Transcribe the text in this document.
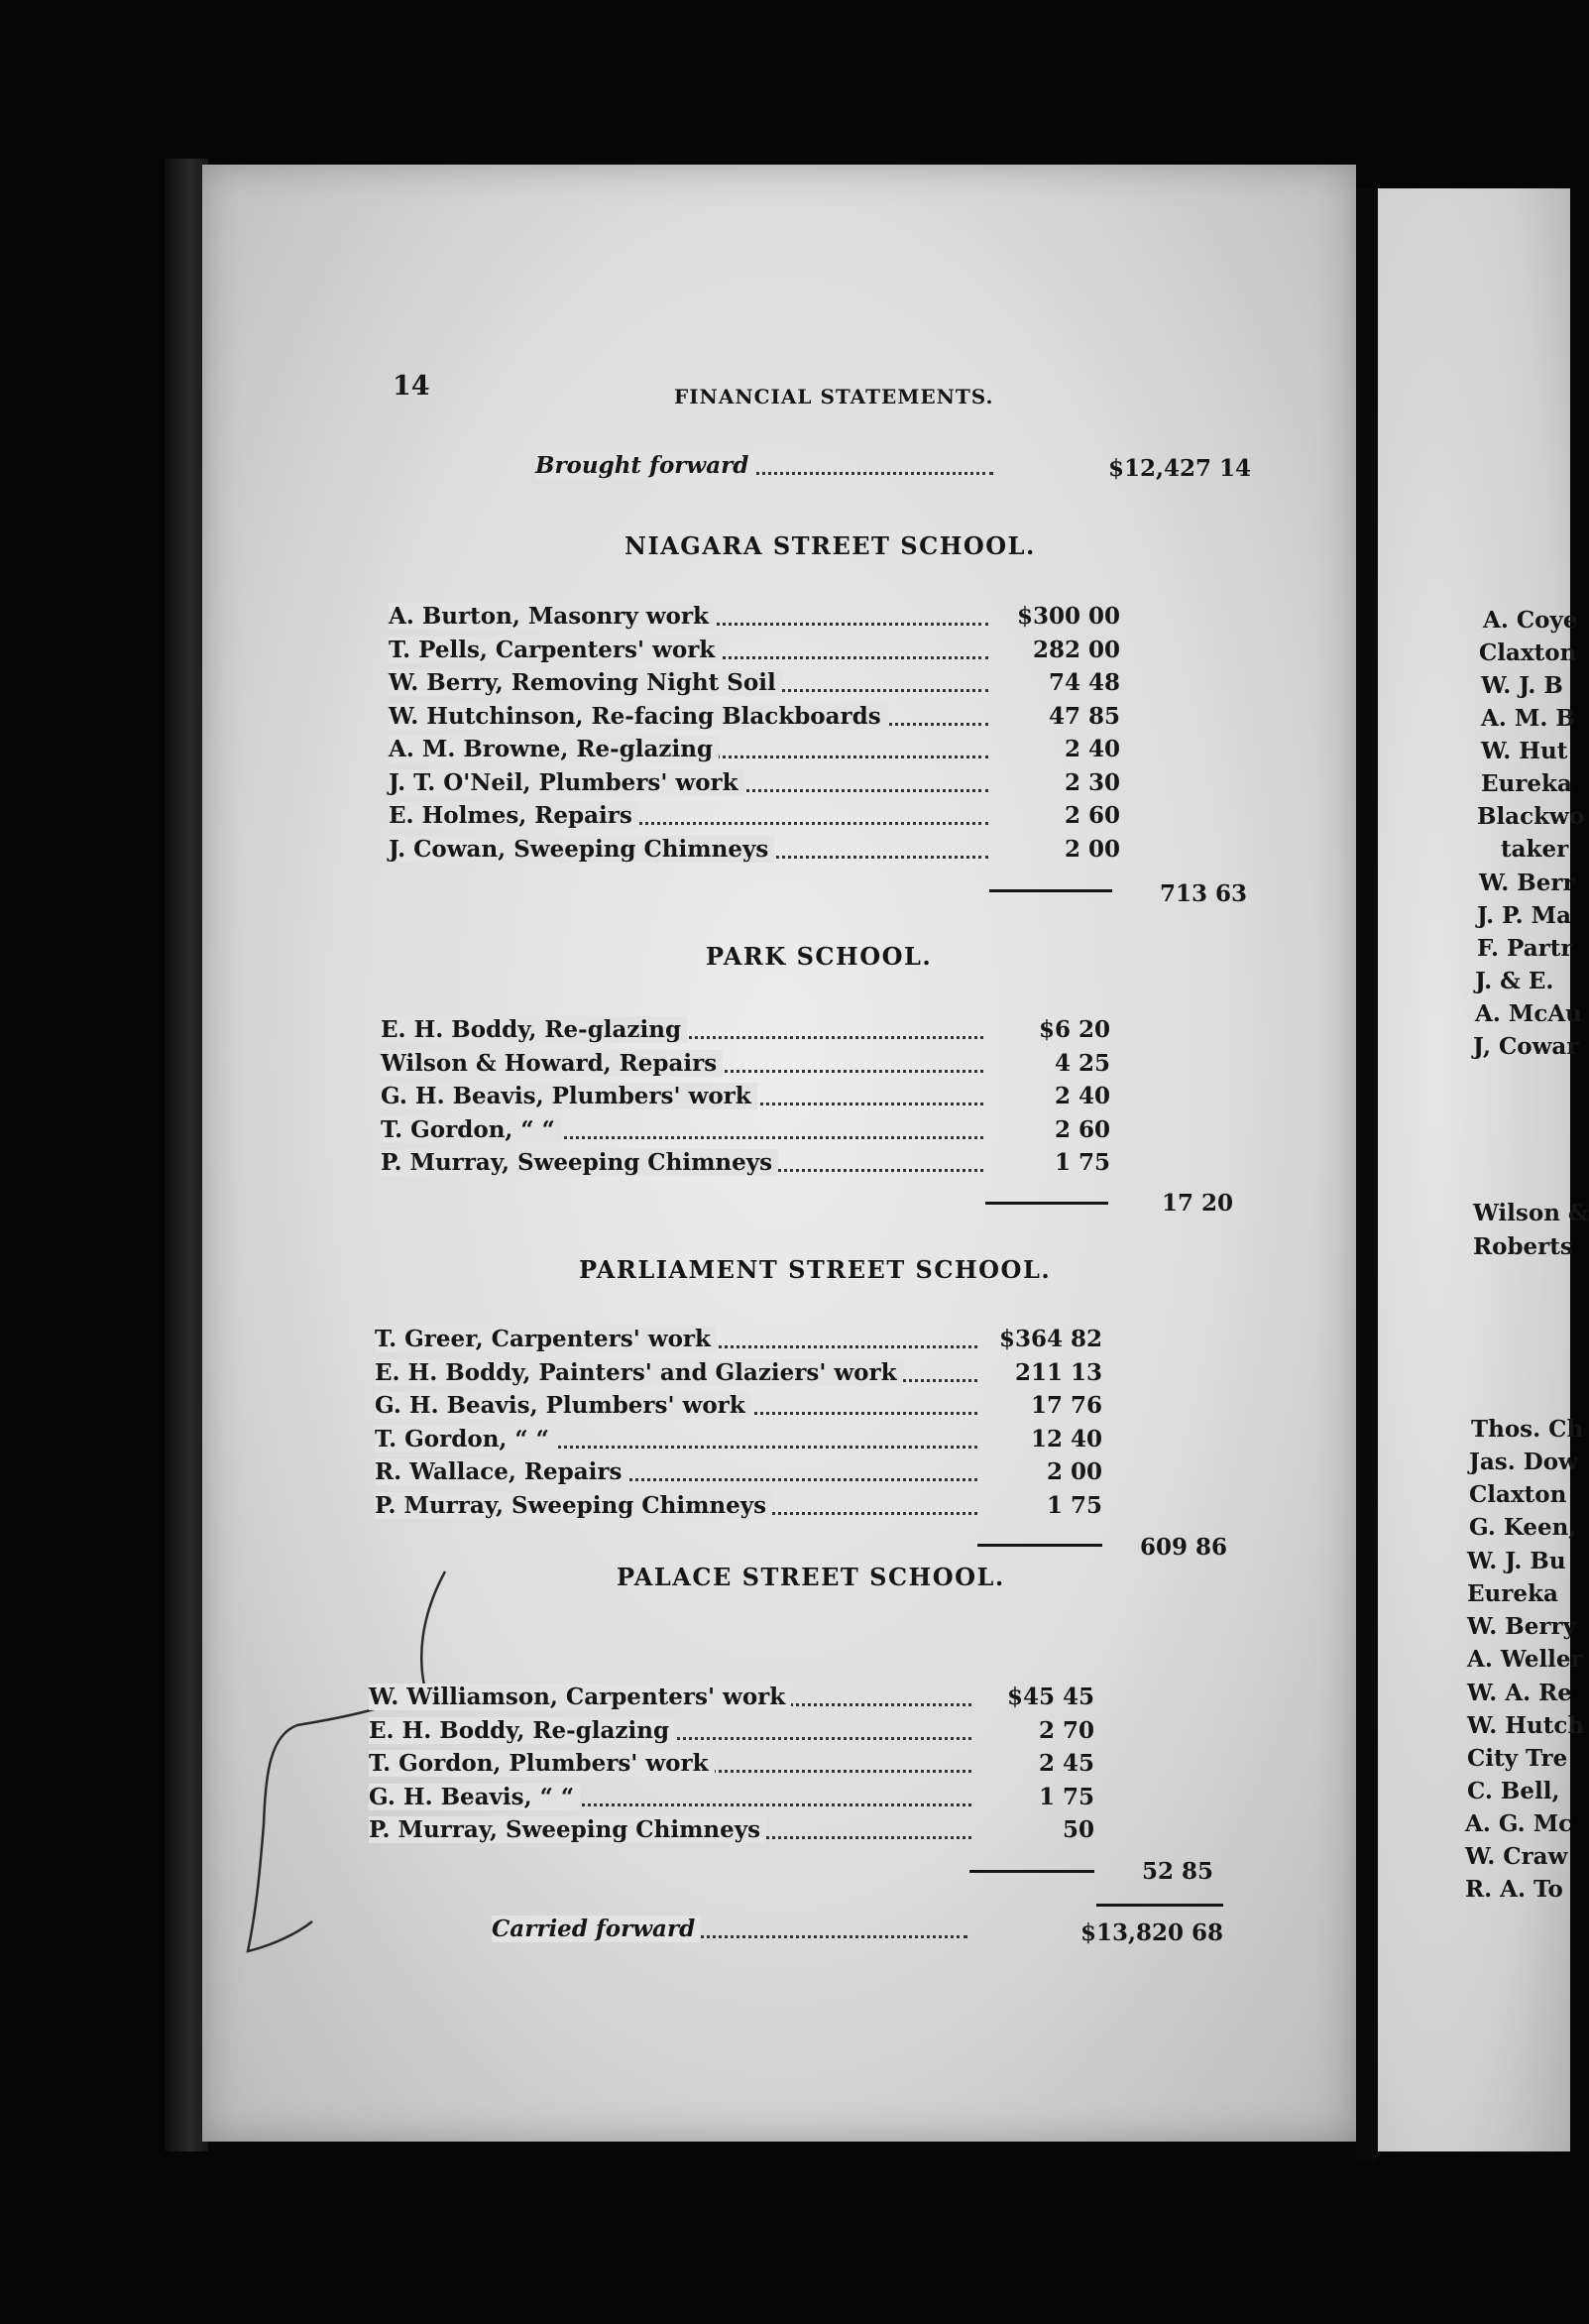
14	FINANCIAL STATEMENTS.
Brought forward	$12,427 14
NIAGARA STREET SCHOOL.
A. Burton, Masonry work	$300 00
T. Pells, Carpenters' work	282 00
W. Berry, Removing Night Soil	74 48
W. Hutchinson, Re-facing Blackboards	47 85
A. M. Browne, Re-glazing	2 40
J. T. O'Neil, Plumbers' work	2 30
E. Holmes, Repairs	2 60
J. Cowan, Sweeping Chimneys	2 00
713 63
PARK SCHOOL.
E. H. Boddy, Re-glazing	$6 20
Wilson & Howard, Repairs	4 25
G. H. Beavis, Plumbers' work	2 40
T. Gordon, “ “	2 60
P. Murray, Sweeping Chimneys	1 75
17 20
PARLIAMENT STREET SCHOOL.
T. Greer, Carpenters' work	$364 82
E. H. Boddy, Painters' and Glaziers' work	211 13
G. H. Beavis, Plumbers' work	17 76
T. Gordon, “ “	12 40
R. Wallace, Repairs	2 00
P. Murray, Sweeping Chimneys	1 75
609 86
PALACE STREET SCHOOL.
W. Williamson, Carpenters' work	$45 45
E. H. Boddy, Re-glazing	2 70
T. Gordon, Plumbers' work	2 45
G. H. Beavis, “ “	1 75
P. Murray, Sweeping Chimneys	50
52 85
Carried forward	$13,820 68
A. Coye
Claxton
W. J. B
A. M. B
W. Hut
Eureka
Blackwo
taker
W. Berr
J. P. Ma
F. Partr
J. & E.
A. McAu
J, Cowar
Wilson &
Roberts
Thos. Ch
Jas. Dow
Claxton
G. Keen,
W. J. Bu
Eureka
W. Berry
A. Weller
W. A. Re
W. Hutch
City Tre
C. Bell,
A. G. Mc
W. Craw
R. A. To
